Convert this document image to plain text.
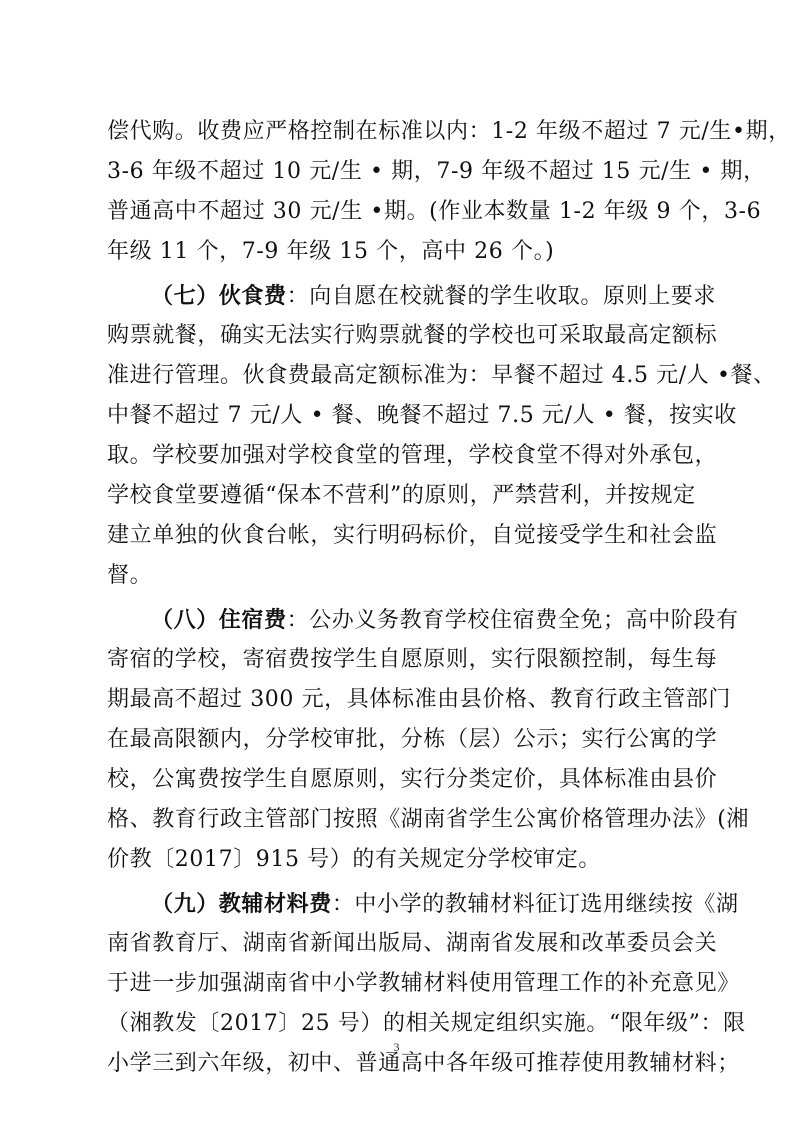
偿代购。收费应严格控制在标准以内：1-2 年级不超过 7 元/生•期，
3-6 年级不超过 10 元/生 • 期，7-9 年级不超过 15 元/生 • 期，
普通高中不超过 30 元/生 •期。(作业本数量 1-2 年级 9 个，3-6
年级 11 个，7-9 年级 15 个，高中 26 个。)
（七）伙食费：向自愿在校就餐的学生收取。原则上要求
购票就餐，确实无法实行购票就餐的学校也可采取最高定额标
准进行管理。伙食费最高定额标准为：早餐不超过 4.5 元/人 •餐、
中餐不超过 7 元/人 • 餐、晚餐不超过 7.5 元/人 • 餐，按实收
取。学校要加强对学校食堂的管理，学校食堂不得对外承包，
学校食堂要遵循“保本不营利”的原则，严禁营利，并按规定
建立单独的伙食台帐，实行明码标价，自觉接受学生和社会监
督。
（八）住宿费：公办义务教育学校住宿费全免；高中阶段有
寄宿的学校，寄宿费按学生自愿原则，实行限额控制，每生每
期最高不超过 300 元，具体标准由县价格、教育行政主管部门
在最高限额内，分学校审批，分栋（层）公示；实行公寓的学
校，公寓费按学生自愿原则，实行分类定价，具体标准由县价
格、教育行政主管部门按照《湖南省学生公寓价格管理办法》(湘
价教〔2017〕915 号）的有关规定分学校审定。
（九）教辅材料费：中小学的教辅材料征订选用继续按《湖
南省教育厅、湖南省新闻出版局、湖南省发展和改革委员会关
于进一步加强湖南省中小学教辅材料使用管理工作的补充意见》
（湘教发〔2017〕25 号）的相关规定组织实施。“限年级”：限
小学三到六年级，初中、普通高中各年级可推荐使用教辅材料；
3
